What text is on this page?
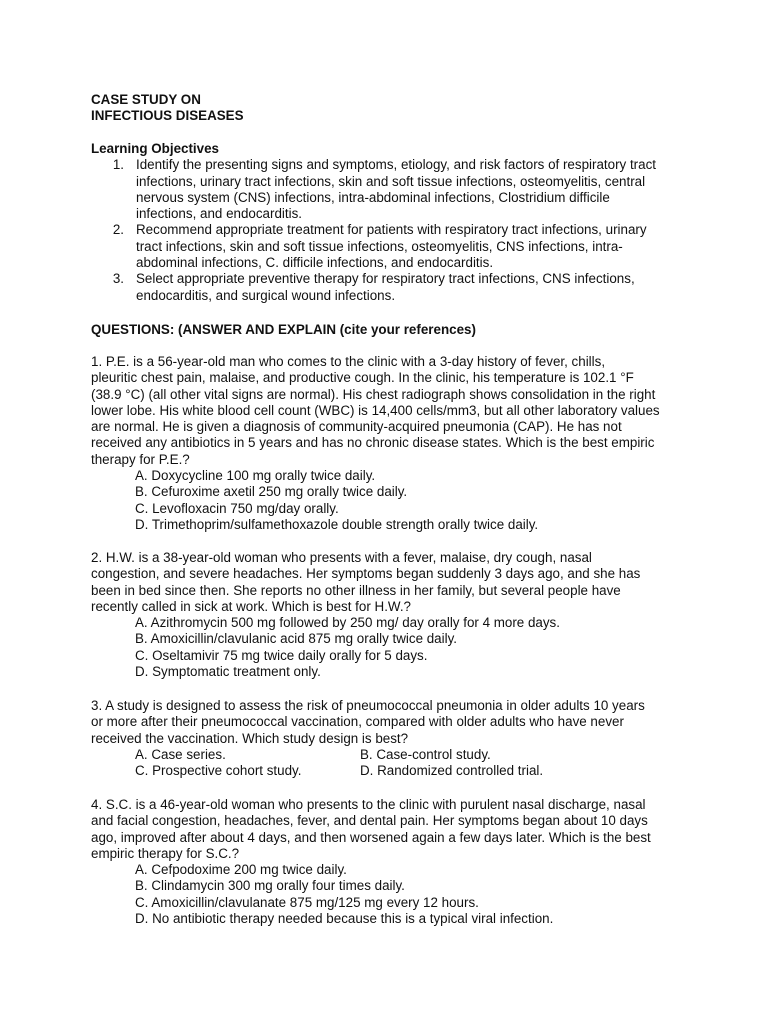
CASE STUDY ON
INFECTIOUS DISEASES
Learning Objectives
1. Identify the presenting signs and symptoms, etiology, and risk factors of respiratory tract
infections, urinary tract infections, skin and soft tissue infections, osteomyelitis, central
nervous system (CNS) infections, intra-abdominal infections, Clostridium difficile
infections, and endocarditis.
2. Recommend appropriate treatment for patients with respiratory tract infections, urinary
tract infections, skin and soft tissue infections, osteomyelitis, CNS infections, intra-
abdominal infections, C. difficile infections, and endocarditis.
3. Select appropriate preventive therapy for respiratory tract infections, CNS infections,
endocarditis, and surgical wound infections.
QUESTIONS: (ANSWER AND EXPLAIN (cite your references)

1. P.E. is a 56-year-old man who comes to the clinic with a 3-day history of fever, chills,

pleuritic chest pain, malaise, and productive cough. In the clinic, his temperature is 102.1 °F

(38.9 °C) (all other vital signs are normal). His chest radiograph shows consolidation in the right

lower lobe. His white blood cell count (WBC) is 14,400 cells/mm3, but all other laboratory values

are normal. He is given a diagnosis of community-acquired pneumonia (CAP). He has not

received any antibiotics in 5 years and has no chronic disease states. Which is the best empiric

therapy for P.E.?

A. Doxycycline 100 mg orally twice daily.
B. Cefuroxime axetil 250 mg orally twice daily.
C. Levofloxacin 750 mg/day orally.
D. Trimethoprim/sulfamethoxazole double strength orally twice daily.

2. H.W. is a 38-year-old woman who presents with a fever, malaise, dry cough, nasal

congestion, and severe headaches. Her symptoms began suddenly 3 days ago, and she has

been in bed since then. She reports no other illness in her family, but several people have

recently called in sick at work. Which is best for H.W.?

A. Azithromycin 500 mg followed by 250 mg/ day orally for 4 more days.
B. Amoxicillin/clavulanic acid 875 mg orally twice daily.
C. Oseltamivir 75 mg twice daily orally for 5 days.
D. Symptomatic treatment only.

3. A study is designed to assess the risk of pneumococcal pneumonia in older adults 10 years

or more after their pneumococcal vaccination, compared with older adults who have never

received the vaccination. Which study design is best?

A. Case series.	B. Case-control study.
C. Prospective cohort study.	D. Randomized controlled trial.

4. S.C. is a 46-year-old woman who presents to the clinic with purulent nasal discharge, nasal

and facial congestion, headaches, fever, and dental pain. Her symptoms began about 10 days

ago, improved after about 4 days, and then worsened again a few days later. Which is the best

empiric therapy for S.C.?

A. Cefpodoxime 200 mg twice daily.
B. Clindamycin 300 mg orally four times daily.
C. Amoxicillin/clavulanate 875 mg/125 mg every 12 hours.
D. No antibiotic therapy needed because this is a typical viral infection.
